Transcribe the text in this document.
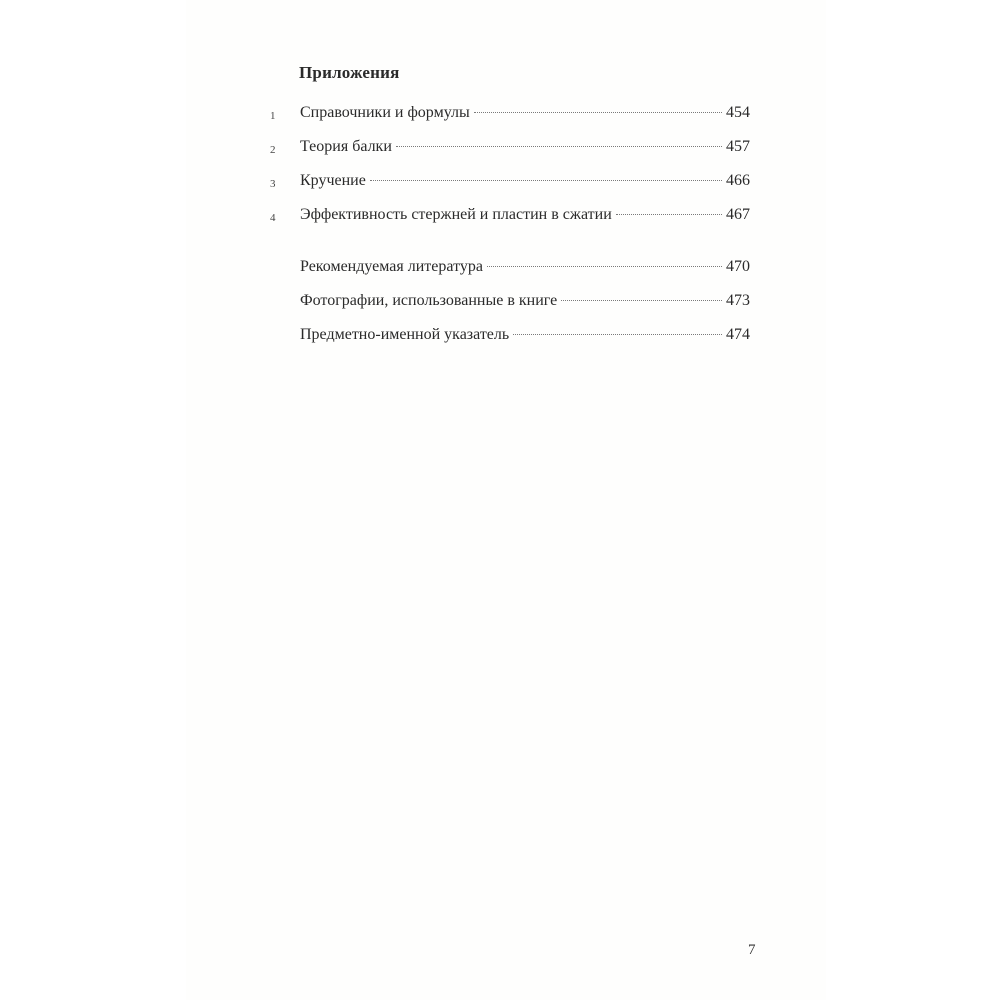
Приложения
1	Справочники и формулы	454
2	Теория балки	457
3	Кручение	466
4	Эффективность стержней и пластин в сжатии	467
Рекомендуемая литература	470
Фотографии, использованные в книге	473
Предметно-именной указатель	474
7
